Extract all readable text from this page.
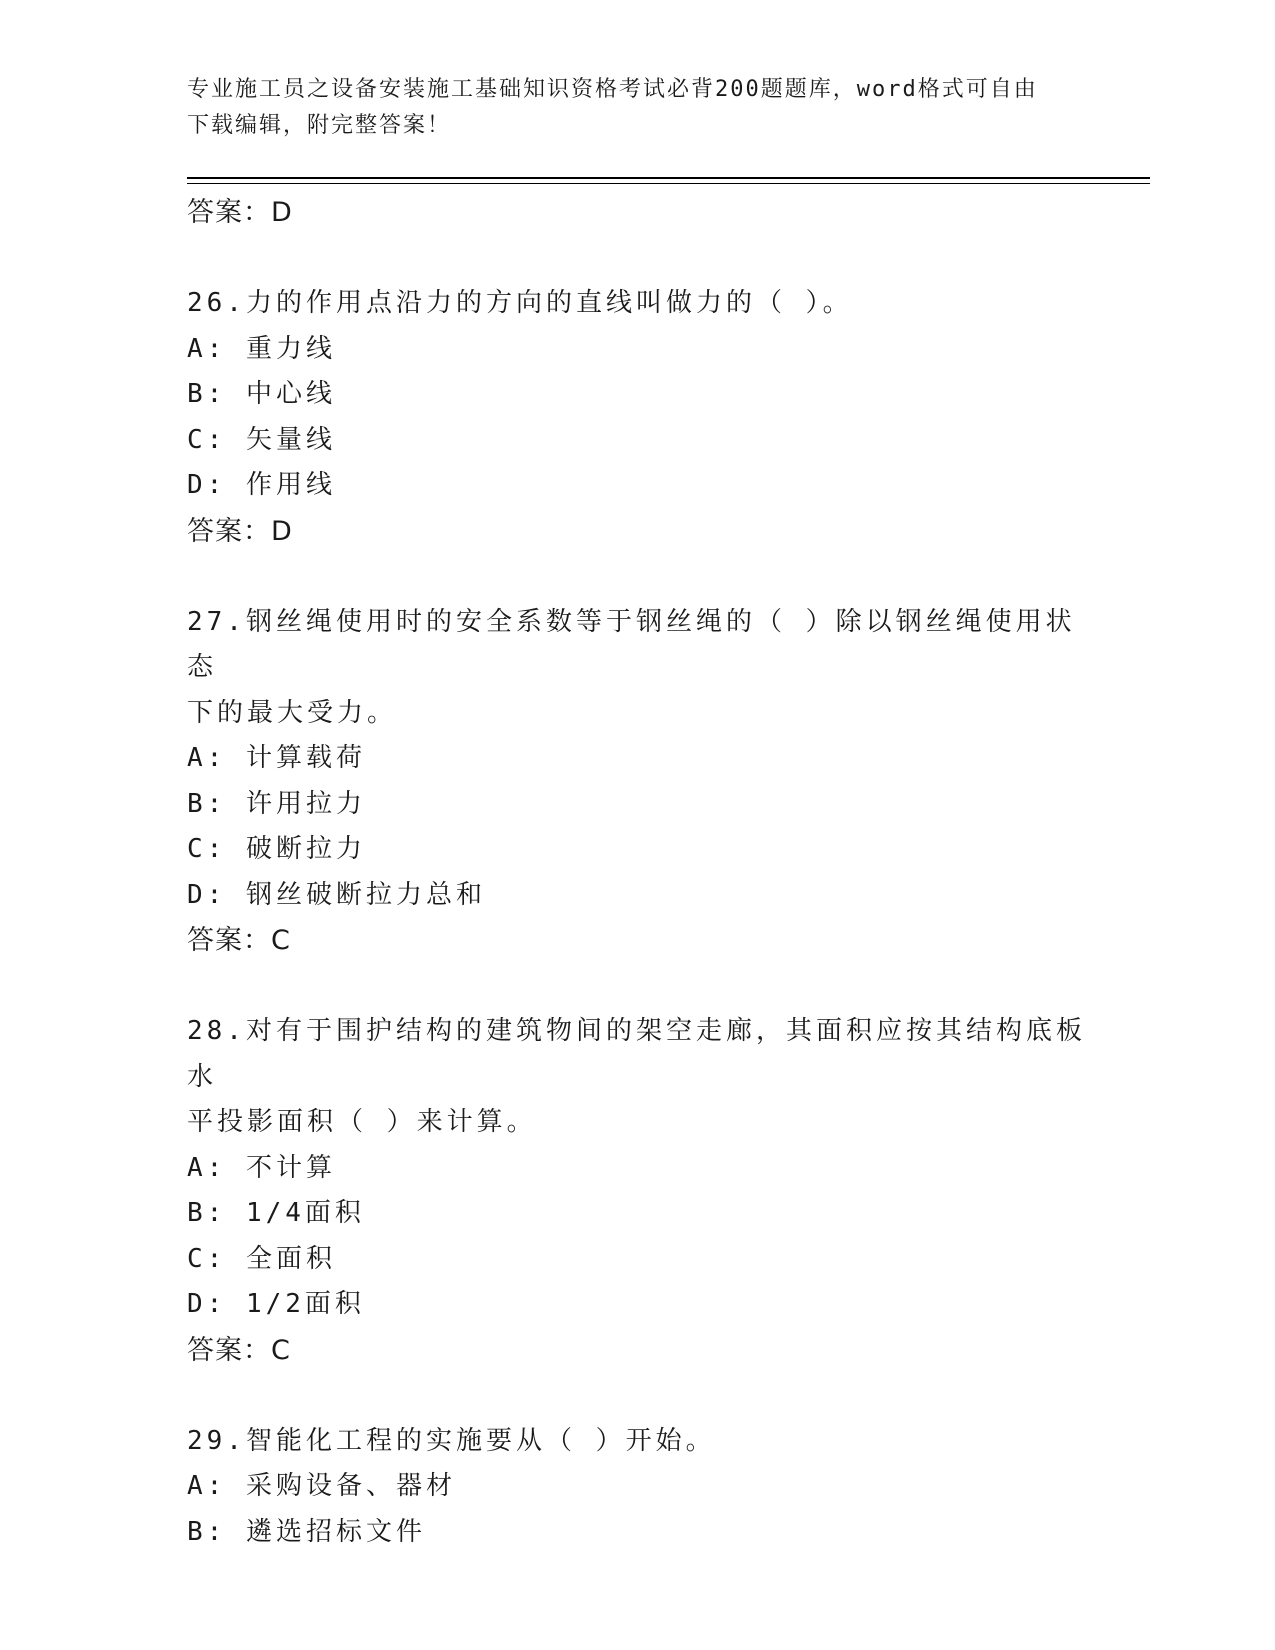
专业施工员之设备安装施工基础知识资格考试必背200题题库，word格式可自由
下载编辑，附完整答案！
答案：D
26.力的作用点沿力的方向的直线叫做力的（ ）。
A: 重力线
B: 中心线
C: 矢量线
D: 作用线
答案：D
27.钢丝绳使用时的安全系数等于钢丝绳的（ ）除以钢丝绳使用状态
下的最大受力。
A: 计算载荷
B: 许用拉力
C: 破断拉力
D: 钢丝破断拉力总和
答案：C
28.对有于围护结构的建筑物间的架空走廊，其面积应按其结构底板水
平投影面积（ ）来计算。
A: 不计算
B: 1/4面积
C: 全面积
D: 1/2面积
答案：C
29.智能化工程的实施要从（ ）开始。
A: 采购设备、器材
B: 遴选招标文件
